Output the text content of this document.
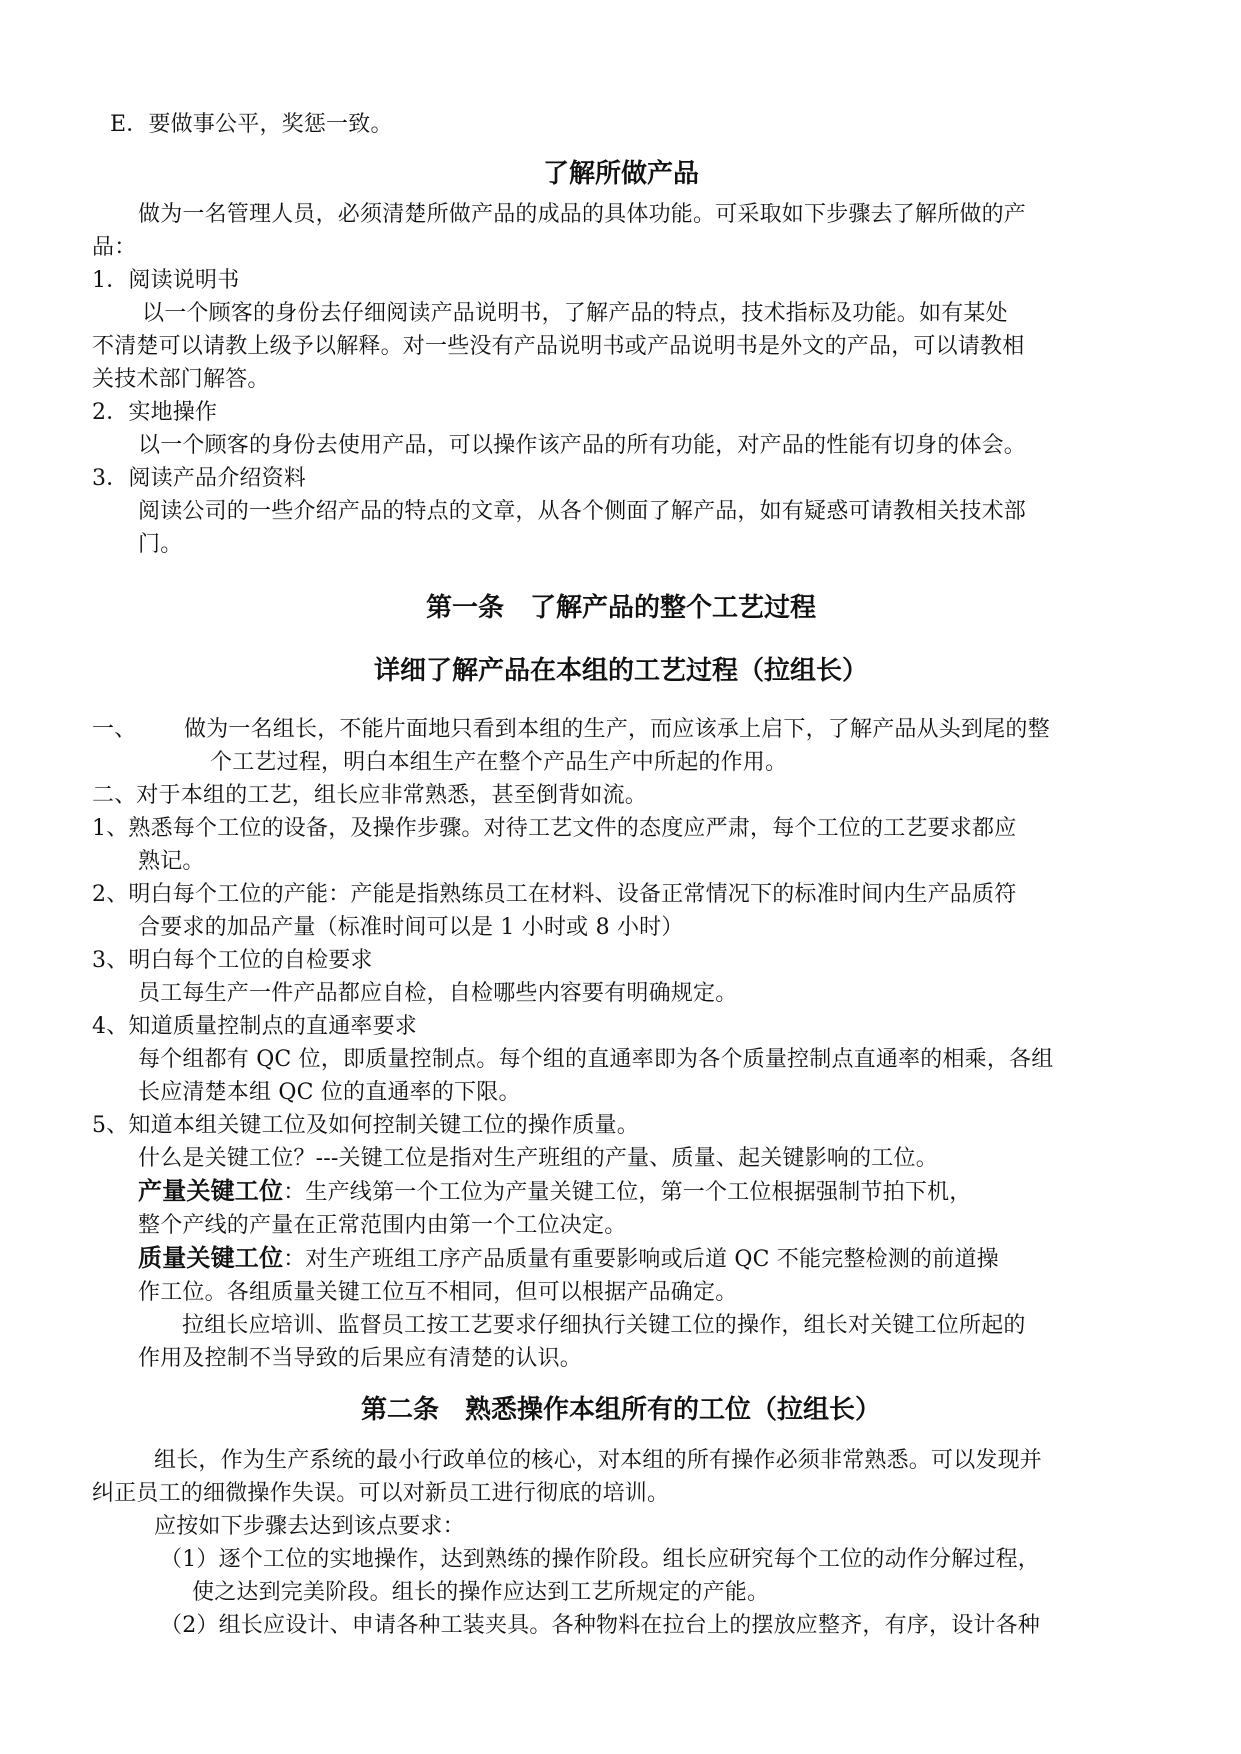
E．要做事公平，奖惩一致。
了解所做产品
做为一名管理人员，必须清楚所做产品的成品的具体功能。可采取如下步骤去了解所做的产
品：
1．阅读说明书
以一个顾客的身份去仔细阅读产品说明书，了解产品的特点，技术指标及功能。如有某处
不清楚可以请教上级予以解释。对一些没有产品说明书或产品说明书是外文的产品，可以请教相
关技术部门解答。
2．实地操作
以一个顾客的身份去使用产品，可以操作该产品的所有功能，对产品的性能有切身的体会。
3．阅读产品介绍资料
阅读公司的一些介绍产品的特点的文章，从各个侧面了解产品，如有疑惑可请教相关技术部
门。
第一条　了解产品的整个工艺过程
详细了解产品在本组的工艺过程（拉组长）
一、 做为一名组长，不能片面地只看到本组的生产，而应该承上启下，了解产品从头到尾的整
个工艺过程，明白本组生产在整个产品生产中所起的作用。
二、对于本组的工艺，组长应非常熟悉，甚至倒背如流。
1、熟悉每个工位的设备，及操作步骤。对待工艺文件的态度应严肃，每个工位的工艺要求都应
熟记。
2、明白每个工位的产能：产能是指熟练员工在材料、设备正常情况下的标准时间内生产品质符
合要求的加品产量（标准时间可以是 1 小时或 8 小时）
3、明白每个工位的自检要求
员工每生产一件产品都应自检，自检哪些内容要有明确规定。
4、知道质量控制点的直通率要求
每个组都有 QC 位，即质量控制点。每个组的直通率即为各个质量控制点直通率的相乘，各组
长应清楚本组 QC 位的直通率的下限。
5、知道本组关键工位及如何控制关键工位的操作质量。
什么是关键工位？---关键工位是指对生产班组的产量、质量、起关键影响的工位。
产量关键工位：生产线第一个工位为产量关键工位，第一个工位根据强制节拍下机，
整个产线的产量在正常范围内由第一个工位决定。
质量关键工位：对生产班组工序产品质量有重要影响或后道 QC 不能完整检测的前道操
作工位。各组质量关键工位互不相同，但可以根据产品确定。
拉组长应培训、监督员工按工艺要求仔细执行关键工位的操作，组长对关键工位所起的
作用及控制不当导致的后果应有清楚的认识。
第二条　熟悉操作本组所有的工位（拉组长）
组长，作为生产系统的最小行政单位的核心，对本组的所有操作必须非常熟悉。可以发现并
纠正员工的细微操作失误。可以对新员工进行彻底的培训。
应按如下步骤去达到该点要求：
（1）逐个工位的实地操作，达到熟练的操作阶段。组长应研究每个工位的动作分解过程，
使之达到完美阶段。组长的操作应达到工艺所规定的产能。
（2）组长应设计、申请各种工装夹具。各种物料在拉台上的摆放应整齐，有序，设计各种
